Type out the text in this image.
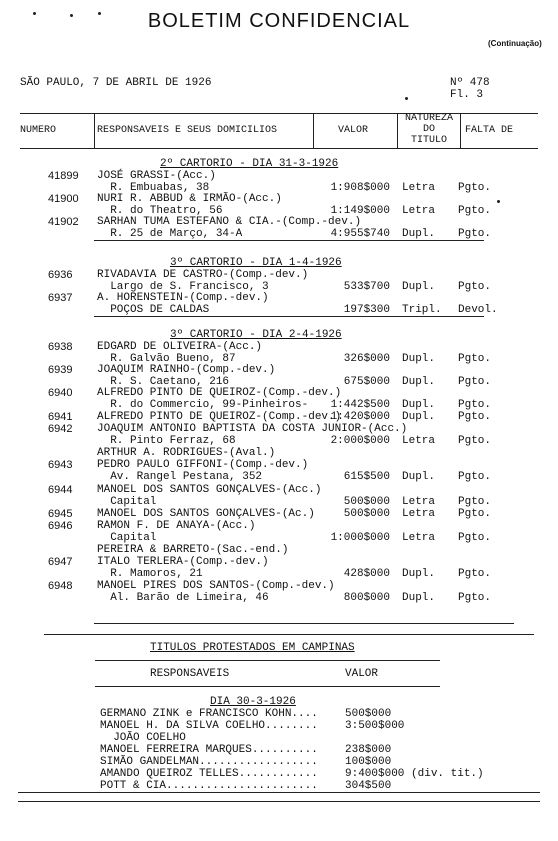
BOLETIM CONFIDENCIAL
(Continuação)
SÃO PAULO, 7 DE ABRIL DE 1926	Nº 478
Fl. 3
NUMERO	RESPONSAVEIS E SEUS DOMICILIOS	VALOR
NATUREZA
DO
TITULO
FALTA DE
2º CARTORIO - DIA 31-3-1926
3º CARTORIO - DIA 1-4-1926
3º CARTORIO - DIA 2-4-1926
41899 JOSÉ GRASSI-(Acc.)
R. Embuabas, 38	1:908$000 Letra Pgto.
41900 NURI R. ABBUD & IRMÃO-(Acc.)
R. do Theatro, 56	1:149$000 Letra Pgto.
41902 SARHAN TUMA ESTEFANO & CIA.-(Comp.-dev.)
R. 25 de Março, 34-A	4:955$740 Dupl. Pgto.
6936 RIVADAVIA DE CASTRO-(Comp.-dev.)
Largo de S. Francisco, 3	533$700 Dupl. Pgto.
6937 A. HORENSTEIN-(Comp.-dev.)
POÇOS DE CALDAS	197$300 Tripl. Devol.
6938 EDGARD DE OLIVEIRA-(Acc.)
R. Galvão Bueno, 87	326$000 Dupl. Pgto.
6939 JOAQUIM RAINHO-(Comp.-dev.)
R. S. Caetano, 216	675$000 Dupl. Pgto.
6940 ALFREDO PINTO DE QUEIROZ-(Comp.-dev.)
R. do Commercio, 99-Pinheiros-	1:442$500 Dupl. Pgto.
6941 ALFREDO PINTO DE QUEIROZ-(Comp.-dev.)
1:420$000 Dupl. Pgto.
6942 JOAQUIM ANTONIO BAPTISTA DA COSTA JUNIOR-(Acc.)
R. Pinto Ferraz, 68	2:000$000 Letra Pgto.
ARTHUR A. RODRIGUES-(Aval.)
6943 PEDRO PAULO GIFFONI-(Comp.-dev.)
Av. Rangel Pestana, 352	615$500 Dupl. Pgto.
6944 MANOEL DOS SANTOS GONÇALVES-(Acc.)
Capital	500$000 Letra Pgto.
6945 MANOEL DOS SANTOS GONÇALVES-(Ac.)	500$000 Letra Pgto.
6946 RAMON F. DE ANAYA-(Acc.)
Capital	1:000$000 Letra Pgto.
PEREIRA & BARRETO-(Sac.-end.)
6947 ITALO TERLERA-(Comp.-dev.)
R. Mamoros, 21	428$000 Dupl. Pgto.
6948 MANOEL PIRES DOS SANTOS-(Comp.-dev.)
Al. Barão de Limeira, 46	800$000 Dupl. Pgto.
TITULOS PROTESTADOS EM CAMPINAS
RESPONSAVEIS	VALOR
DIA 30-3-1926
GERMANO ZINK e FRANCISCO KOHN.... 500$000
MANOEL H. DA SILVA COELHO........ 3:500$000
JOÃO COELHO
MANOEL FERREIRA MARQUES.......... 238$000
SIMÃO GANDELMAN.................. 100$000
AMANDO QUEIROZ TELLES............ 9:400$000 (div. tit.)
POTT & CIA....................... 304$500
